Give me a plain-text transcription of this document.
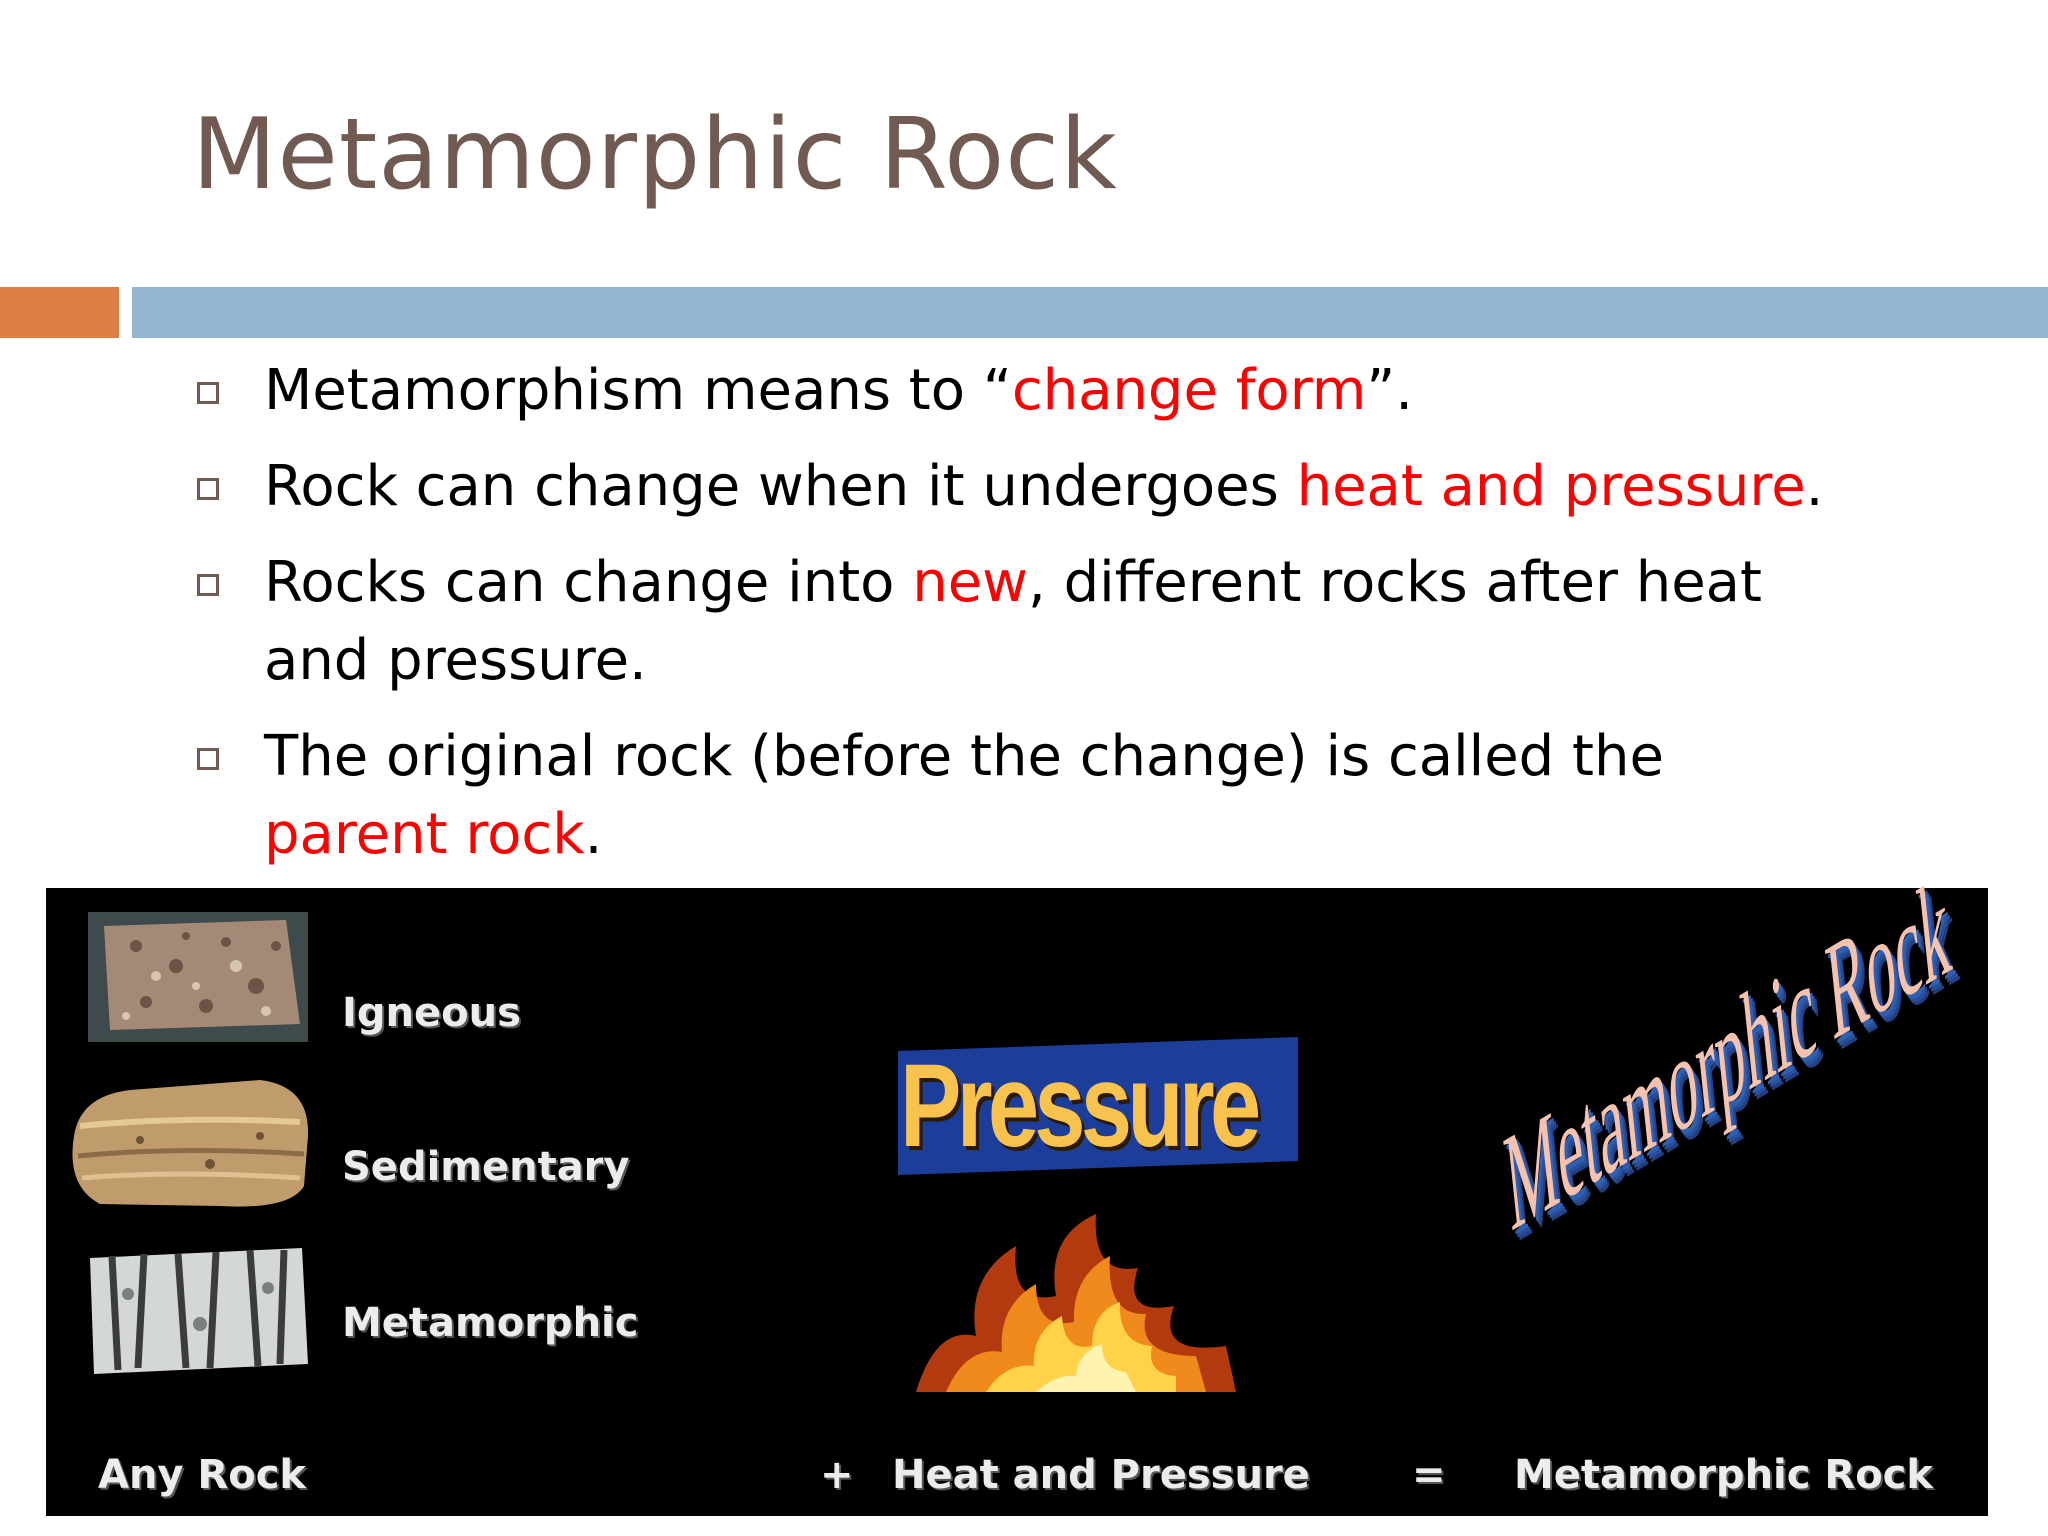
Metamorphic Rock
Metamorphism means to “change form”.
Rock can change when it undergoes heat and pressure.
Rocks can change into new, different rocks after heat and pressure.
The original rock (before the change) is called the parent rock.
Igneous
Sedimentary
Metamorphic
Pressure Metamorphic Rock
Any Rock	+ Heat and Pressure	= Metamorphic Rock
